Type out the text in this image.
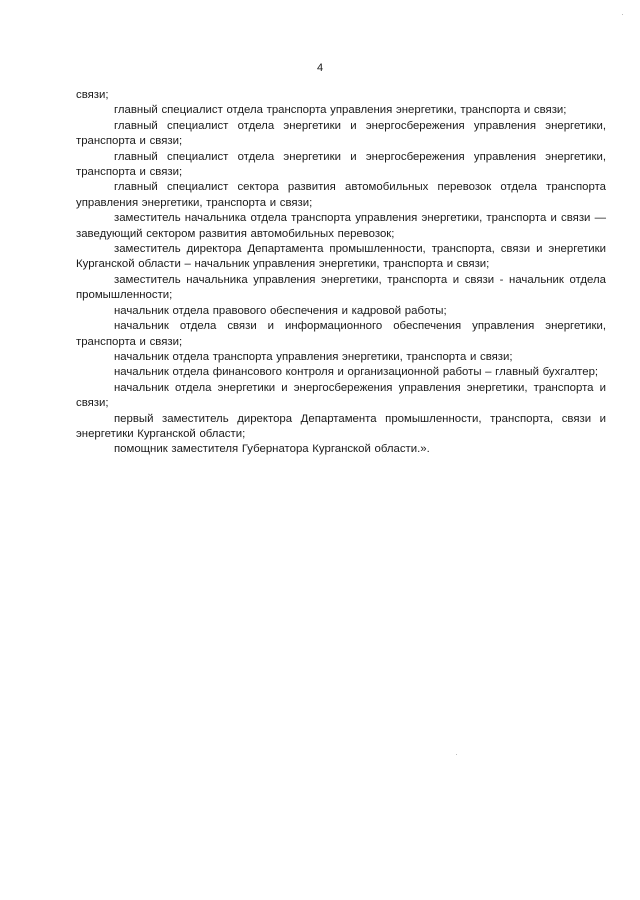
4

связи;

главный специалист отдела транспорта управления энергетики, транспорта и связи;

главный специалист отдела энергетики и энергосбережения управления энергетики, транспорта и связи;

главный специалист отдела энергетики и энергосбережения управления энергетики, транспорта и связи;

главный специалист сектора развития автомобильных перевозок отдела транспорта управления энергетики, транспорта и связи;

заместитель начальника отдела транспорта управления энергетики, транспорта и связи — заведующий сектором развития автомобильных перевозок;

заместитель директора Департамента промышленности, транспорта, связи и энергетики Курганской области – начальник управления энергетики, транспорта и связи;

заместитель начальника управления энергетики, транспорта и связи - начальник отдела промышленности;

начальник отдела правового обеспечения и кадровой работы;

начальник отдела связи и информационного обеспечения управления энергетики, транспорта и связи;

начальник отдела транспорта управления энергетики, транспорта и связи;

начальник отдела финансового контроля и организационной работы – главный бухгалтер;

начальник отдела энергетики и энергосбережения управления энергетики, транспорта и связи;

первый заместитель директора Департамента промышленности, транспорта, связи и энергетики Курганской области;

помощник заместителя Губернатора Курганской области.».
